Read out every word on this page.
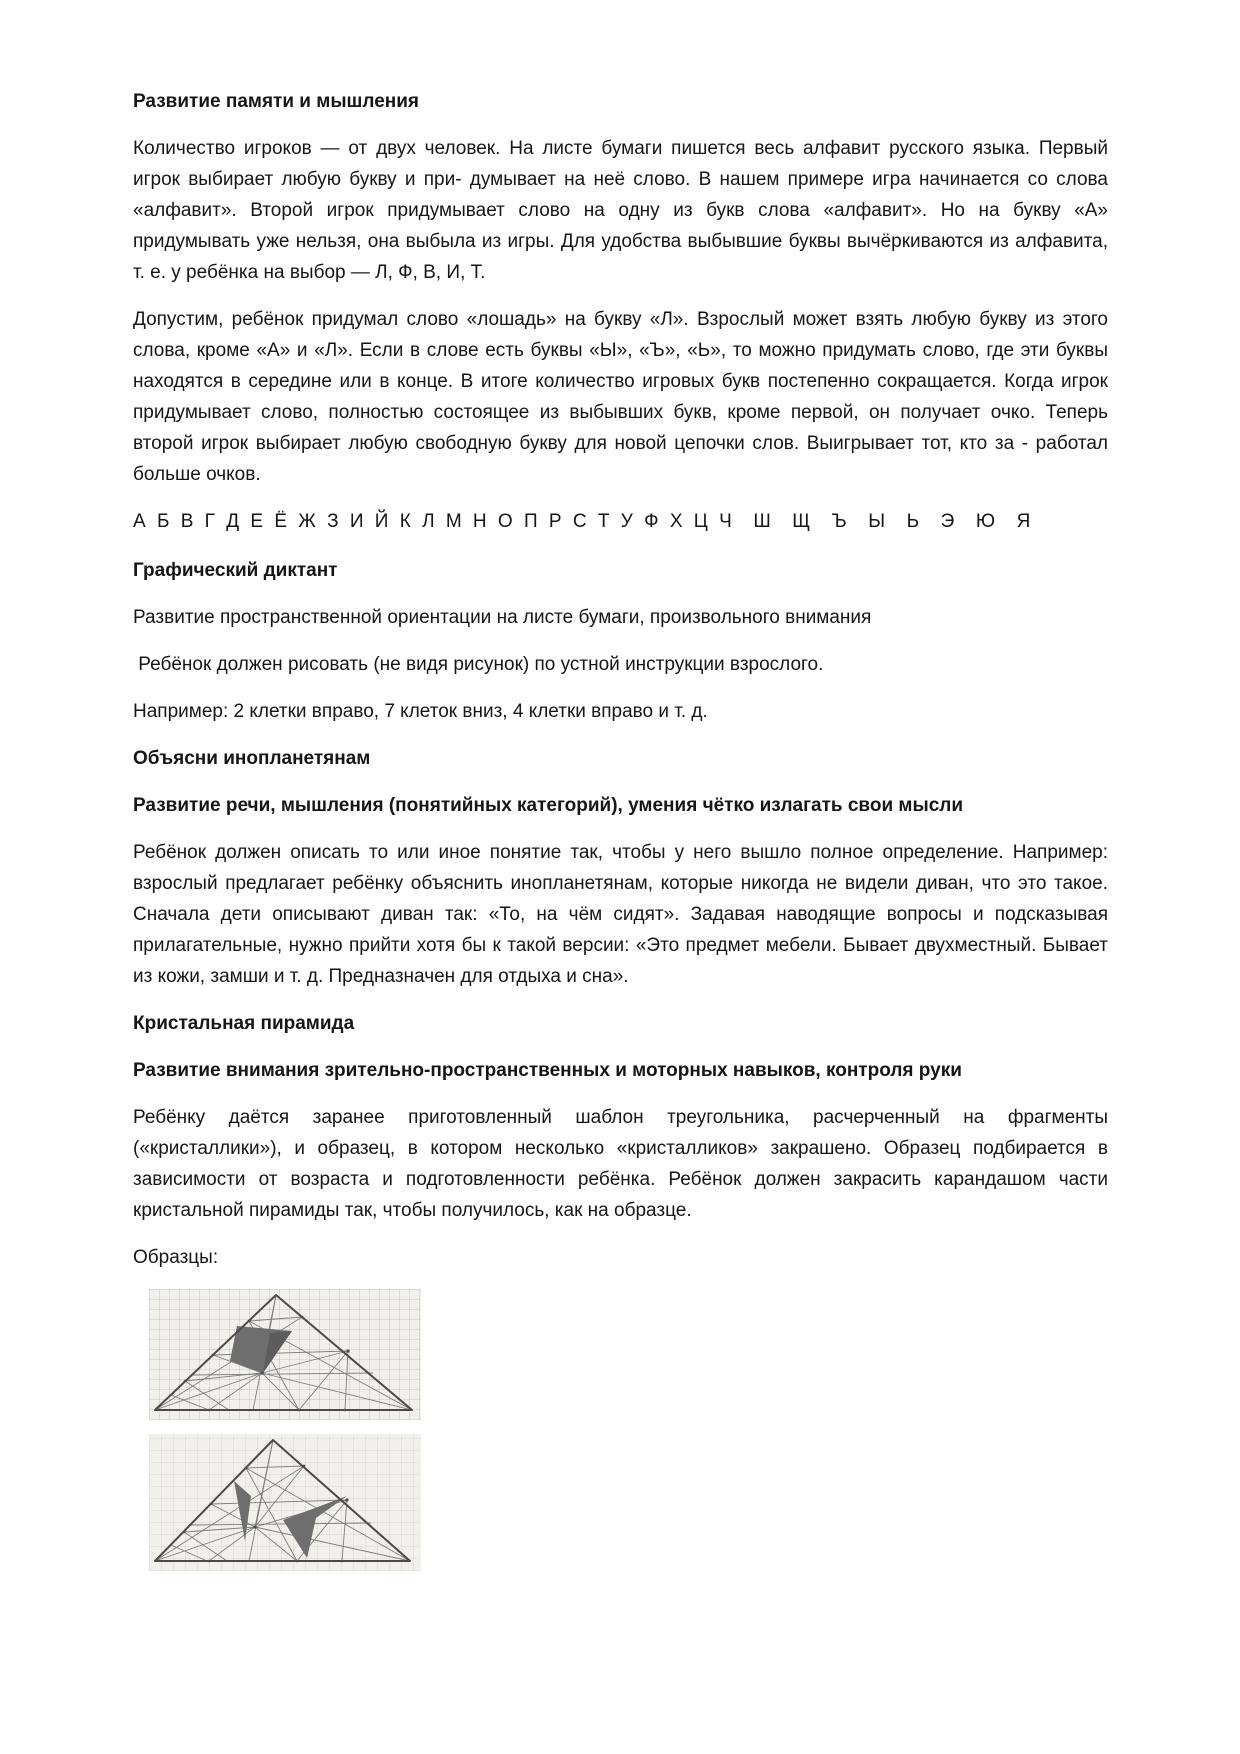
Развитие памяти и мышления

Количество игроков — от двух человек. На листе бумаги пишется весь алфавит русского языка. Первый игрок выбирает любую букву и при- думывает на неё слово. В нашем примере игра начинается со слова «алфавит». Второй игрок придумывает слово на одну из букв слова «алфавит». Но на букву «А» придумывать уже нельзя, она выбыла из игры. Для удобства выбывшие буквы вычёркиваются из алфавита, т. е. у ребёнка на выбор — Л, Ф, В, И, Т.

Допустим, ребёнок придумал слово «лошадь» на букву «Л». Взрослый может взять любую букву из этого слова, кроме «А» и «Л». Если в слове есть буквы «Ы», «Ъ», «Ь», то можно придумать слово, где эти буквы находятся в середине или в конце. В итоге количество игровых букв постепенно сокращается. Когда игрок придумывает слово, полностью состоящее из выбывших букв, кроме первой, он получает очко. Теперь второй игрок выбирает любую свободную букву для новой цепочки слов. Выигрывает тот, кто за - работал больше очков.

А Б В Г Д Е Ё Ж З И Й К Л М Н О П Р С Т У Ф Х Ц Ч  Ш  Щ  Ъ  Ы  Ь  Э  Ю  Я

Графический диктант

Развитие пространственной ориентации на листе бумаги, произвольного внимания

Ребёнок должен рисовать (не видя рисунок) по устной инструкции взрослого.

Например: 2 клетки вправо, 7 клеток вниз, 4 клетки вправо и т. д.

Объясни инопланетянам

Развитие речи, мышления (понятийных категорий), умения чётко излагать свои мысли

Ребёнок должен описать то или иное понятие так, чтобы у него вышло полное определение. Например: взрослый предлагает ребёнку объяснить инопланетянам, которые никогда не видели диван, что это такое. Сначала дети описывают диван так: «То, на чём сидят». Задавая наводящие вопросы и подсказывая прилагательные, нужно прийти хотя бы к такой версии: «Это предмет мебели. Бывает двухместный. Бывает из кожи, замши и т. д. Предназначен для отдыха и сна».

Кристальная пирамида

Развитие внимания зрительно-пространственных и моторных навыков, контроля руки

Ребёнку даётся заранее приготовленный шаблон треугольника, расчерченный на фрагменты («кристаллики»), и образец, в котором несколько «кристалликов» закрашено. Образец подбирается в зависимости от возраста и подготовленности ребёнка. Ребёнок должен закрасить карандашом части кристальной пирамиды так, чтобы получилось, как на образце.

Образцы:
